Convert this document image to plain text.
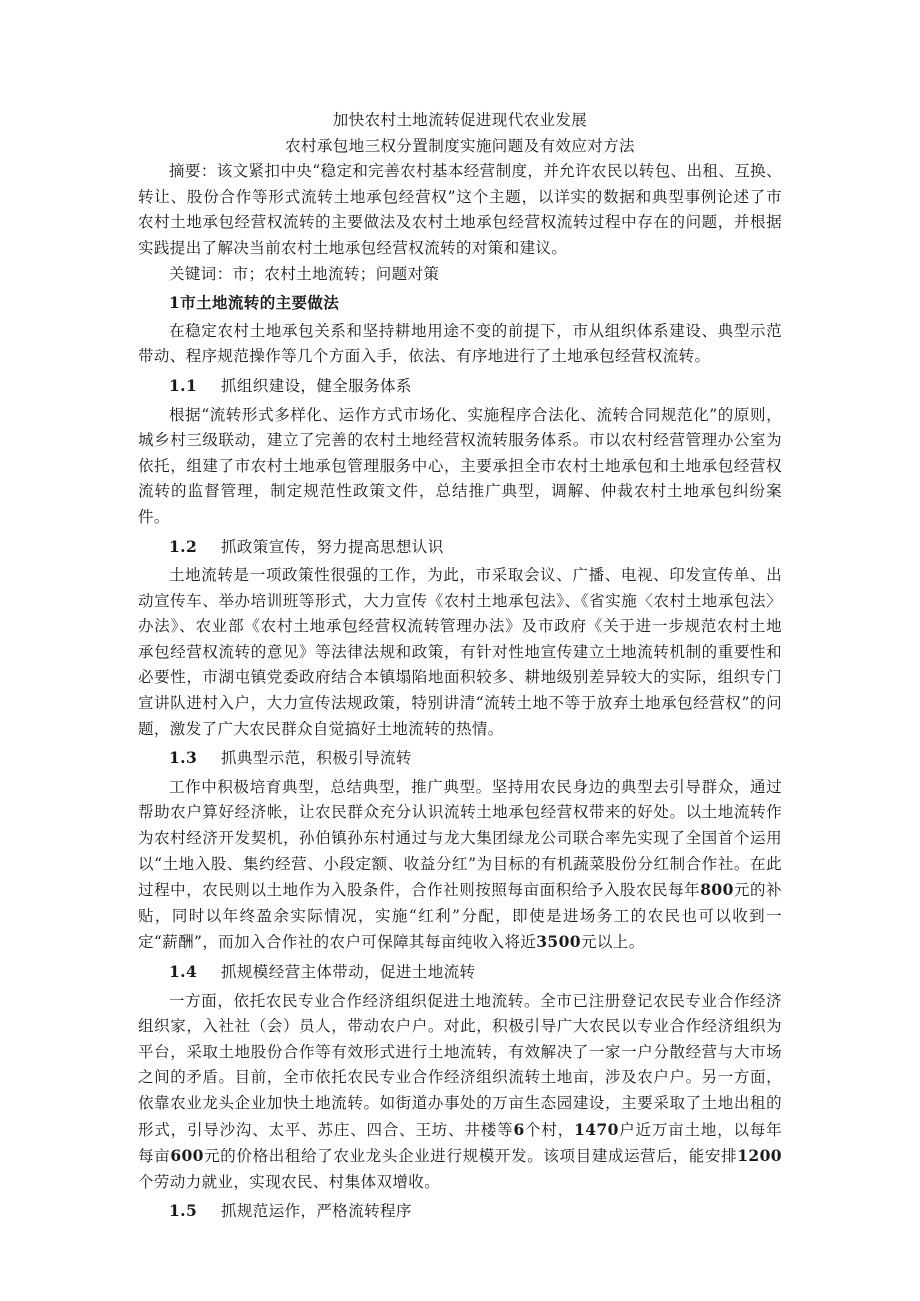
加快农村土地流转促进现代农业发展
农村承包地三权分置制度实施问题及有效应对方法

摘要：该文紧扣中央“稳定和完善农村基本经营制度，并允许农民以转包、出租、互换、转让、股份合作等形式流转土地承包经营权”这个主题，以详实的数据和典型事例论述了市农村土地承包经营权流转的主要做法及农村土地承包经营权流转过程中存在的问题，并根据实践提出了解决当前农村土地承包经营权流转的对策和建议。

关键词：市；农村土地流转；问题对策

1市土地流转的主要做法

在稳定农村土地承包关系和坚持耕地用途不变的前提下，市从组织体系建设、典型示范带动、程序规范操作等几个方面入手，依法、有序地进行了土地承包经营权流转。

1.1 抓组织建设，健全服务体系

根据“流转形式多样化、运作方式市场化、实施程序合法化、流转合同规范化”的原则，城乡村三级联动，建立了完善的农村土地经营权流转服务体系。市以农村经营管理办公室为依托，组建了市农村土地承包管理服务中心，主要承担全市农村土地承包和土地承包经营权流转的监督管理，制定规范性政策文件，总结推广典型，调解、仲裁农村土地承包纠纷案件。

1.2 抓政策宣传，努力提高思想认识

土地流转是一项政策性很强的工作，为此，市采取会议、广播、电视、印发宣传单、出动宣传车、举办培训班等形式，大力宣传《农村土地承包法》、《省实施〈农村土地承包法〉办法》、农业部《农村土地承包经营权流转管理办法》及市政府《关于进一步规范农村土地承包经营权流转的意见》等法律法规和政策，有针对性地宣传建立土地流转机制的重要性和必要性，市湖屯镇党委政府结合本镇塌陷地面积较多、耕地级别差异较大的实际，组织专门宣讲队进村入户，大力宣传法规政策，特别讲清“流转土地不等于放弃土地承包经营权”的问题，激发了广大农民群众自觉搞好土地流转的热情。

1.3 抓典型示范，积极引导流转

工作中积极培育典型，总结典型，推广典型。坚持用农民身边的典型去引导群众，通过帮助农户算好经济帐，让农民群众充分认识流转土地承包经营权带来的好处。以土地流转作为农村经济开发契机，孙伯镇孙东村通过与龙大集团绿龙公司联合率先实现了全国首个运用以“土地入股、集约经营、小段定额、收益分红”为目标的有机蔬菜股份分红制合作社。在此过程中，农民则以土地作为入股条件，合作社则按照每亩面积给予入股农民每年800元的补贴，同时以年终盈余实际情况，实施“红利”分配，即使是进场务工的农民也可以收到一定“薪酬”，而加入合作社的农户可保障其每亩纯收入将近3500元以上。

1.4 抓规模经营主体带动，促进土地流转

一方面，依托农民专业合作经济组织促进土地流转。全市已注册登记农民专业合作经济组织家，入社社（会）员人，带动农户户。对此，积极引导广大农民以专业合作经济组织为平台，采取土地股份合作等有效形式进行土地流转，有效解决了一家一户分散经营与大市场之间的矛盾。目前，全市依托农民专业合作经济组织流转土地亩，涉及农户户。另一方面，依靠农业龙头企业加快土地流转。如街道办事处的万亩生态园建设，主要采取了土地出租的形式，引导沙沟、太平、苏庄、四合、王坊、井楼等6个村，1470户近万亩土地，以每年每亩600元的价格出租给了农业龙头企业进行规模开发。该项目建成运营后，能安排1200个劳动力就业，实现农民、村集体双增收。

1.5 抓规范运作，严格流转程序
